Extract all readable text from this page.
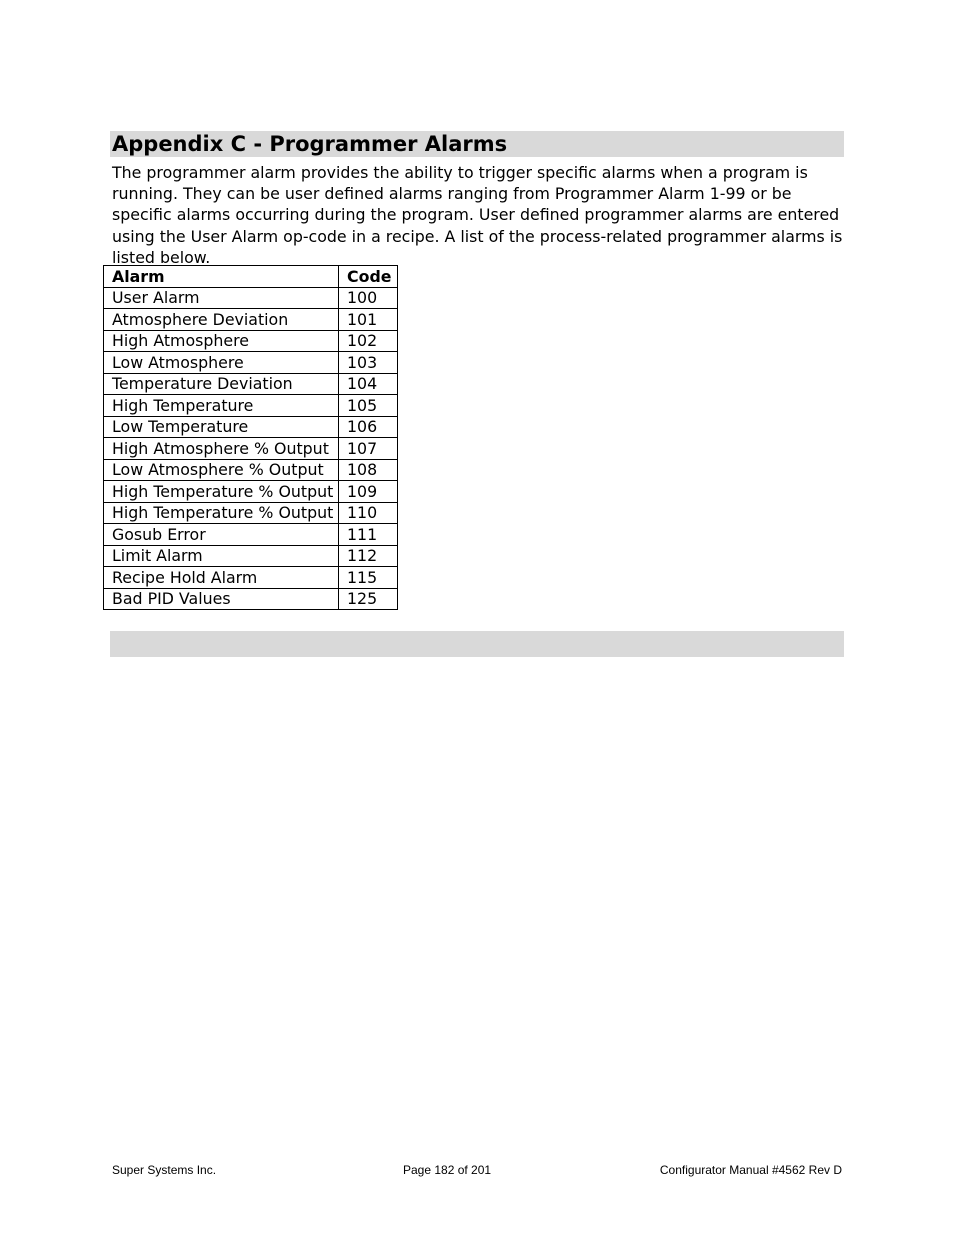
Appendix C - Programmer Alarms

The programmer alarm provides the ability to trigger specific alarms when a program is running. They can be user defined alarms ranging from Programmer Alarm 1-99 or be specific alarms occurring during the program. User defined programmer alarms are entered using the User Alarm op-code in a recipe. A list of the process-related programmer alarms is listed below.

Alarm	Code
User Alarm	100
Atmosphere Deviation	101
High Atmosphere	102
Low Atmosphere	103
Temperature Deviation	104
High Temperature	105
Low Temperature	106
High Atmosphere % Output	107
Low Atmosphere % Output	108
High Temperature % Output	109
High Temperature % Output	110
Gosub Error	111
Limit Alarm	112
Recipe Hold Alarm	115
Bad PID Values	125
Super Systems Inc.	Page 182 of 201	Configurator Manual #4562 Rev D
